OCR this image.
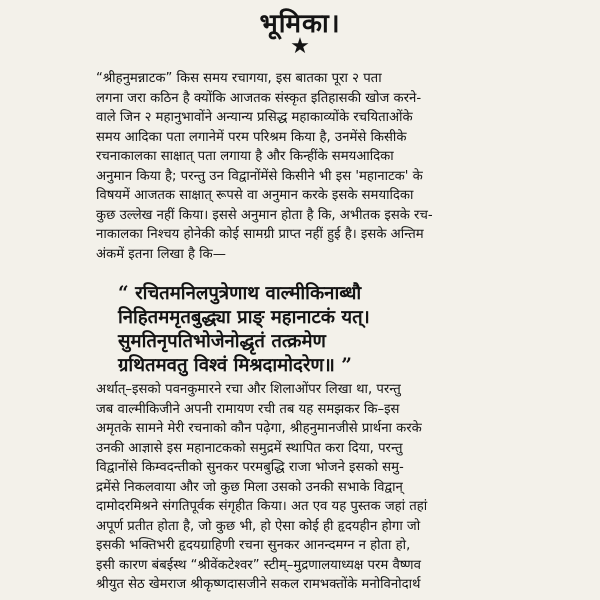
भूमिका।
★
“श्रीहनुमन्नाटक” किस समय रचागया, इस बातका पूरा २ पता
लगना जरा कठिन है क्योंकि आजतक संस्कृत इतिहासकी खोज करने-
वाले जिन २ महानुभावोंने अन्यान्य प्रसिद्ध महाकाव्योंके रचयिताओंके
समय आदिका पता लगानेमें परम परिश्रम किया है, उनमेंसे किसीके
रचनाकालका साक्षात् पता लगाया है और किन्हींके समयआदिका
अनुमान किया है; परन्तु उन विद्वानोंमेंसे किसीने भी इस 'महानाटक' के
विषयमें आजतक साक्षात् रूपसे वा अनुमान करके इसके समयादिका
कुछ उल्लेख नहीं किया। इससे अनुमान होता है कि, अभीतक इसके रच-
नाकालका निश्चय होनेकी कोई सामग्री प्राप्त नहीं हुई है। इसके अन्तिम
अंकमें इतना लिखा है कि—
“ रचितमनिलपुत्रेणाथ वाल्मीकिनाब्धौ
निहितममृतबुद्ध्या प्राङ् महानाटकं यत्।
सुमतिनृपतिभोजेनोद्धृतं तत्क्रमेण
ग्रथितमवतु विश्वं मिश्रदामोदरेण॥ ”
अर्थात्–इसको पवनकुमारने रचा और शिलाओंपर लिखा था, परन्तु
जब वाल्मीकिजीने अपनी रामायण रची तब यह समझकर कि–इस
अमृतके सामने मेरी रचनाको कौन पढ़ेगा, श्रीहनुमानजीसे प्रार्थना करके
उनकी आज्ञासे इस महानाटकको समुद्रमें स्थापित करा दिया, परन्तु
विद्वानोंसे किम्वदन्तीको सुनकर परमबुद्धि राजा भोजने इसको समु-
द्रमेंसे निकलवाया और जो कुछ मिला उसको उनकी सभाके विद्वान्
दामोदरमिश्रने संगतिपूर्वक संगृहीत किया। अत एव यह पुस्तक जहां तहां
अपूर्ण प्रतीत होता है, जो कुछ भी, हो ऐसा कोई ही हृदयहीन होगा जो
इसकी भक्तिभरी हृदयग्राहिणी रचना सुनकर आनन्दमग्न न होता हो,
इसी कारण बंबईस्थ “श्रीवेंकटेश्वर” स्टीम्–मुद्रणालयाध्यक्ष परम वैष्णव
श्रीयुत सेठ खेमराज श्रीकृष्णदासजीने सकल रामभक्तोंके मनोविनोदार्थ
